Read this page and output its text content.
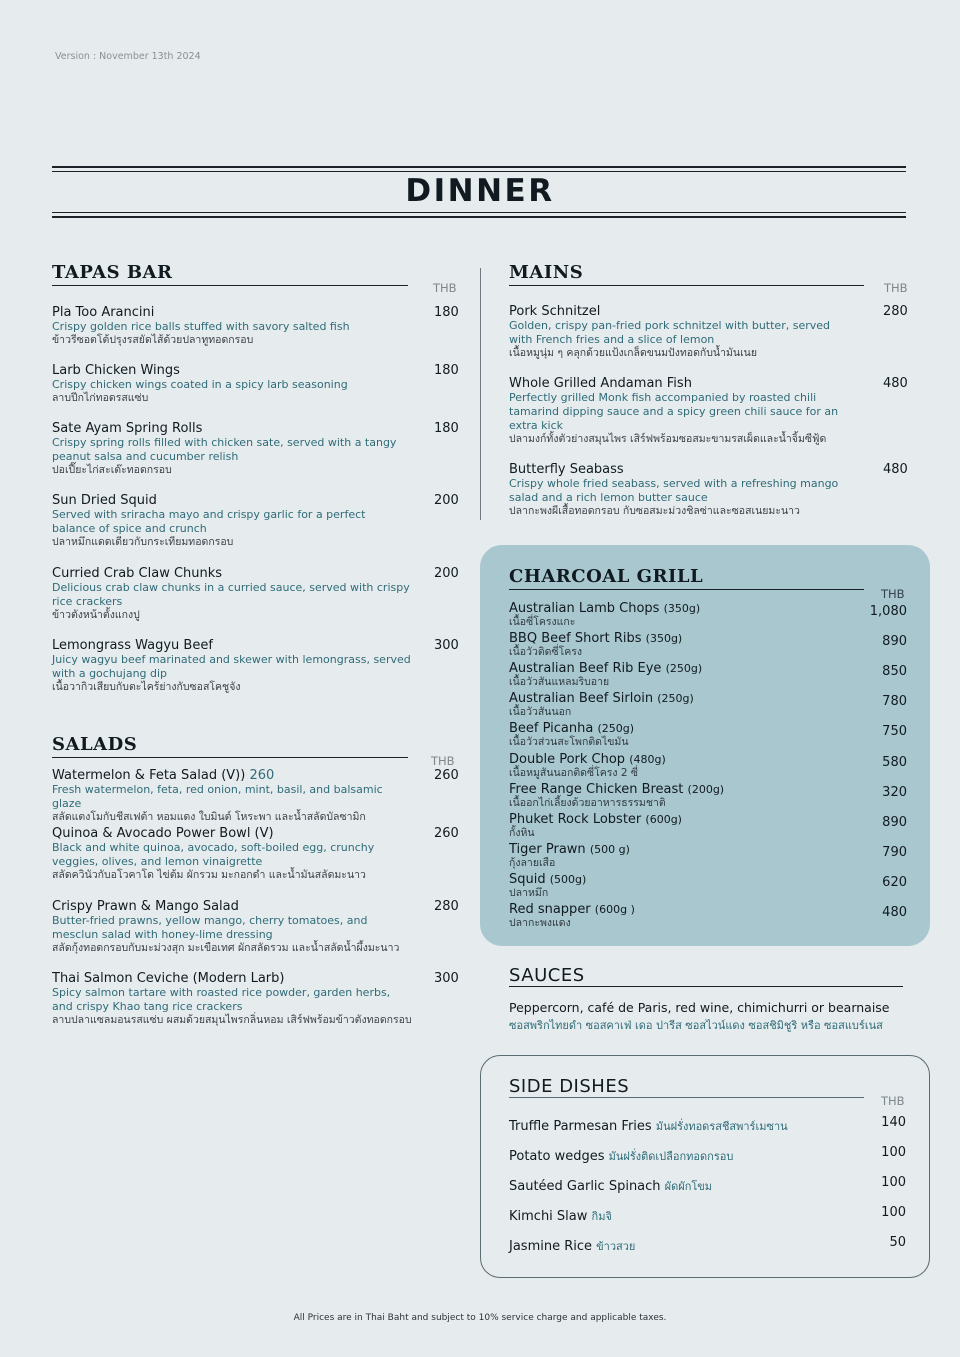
Version : November 13th 2024
DINNER
TAPAS BAR
THB
Pla Too Arancini
Crispy golden rice balls stuffed with savory salted fish
ข้าวรีซอตโต้ปรุงรสยัดไส้ด้วยปลาทูทอดกรอบ
180
Larb Chicken Wings
Crispy chicken wings coated in a spicy larb seasoning
ลาบปีกไก่ทอดรสแซ่บ
180
Sate Ayam Spring Rolls
Crispy spring rolls filled with chicken sate, served with a tangy peanut salsa and cucumber relish
ปอเปี๊ยะไก่สะเต๊ะทอดกรอบ
180
Sun Dried Squid
Served with sriracha mayo and crispy garlic for a perfect balance of spice and crunch
ปลาหมึกแดดเดียวกับกระเทียมทอดกรอบ
200
Curried Crab Claw Chunks
Delicious crab claw chunks in a curried sauce, served with crispy rice crackers
ข้าวตังหน้าตั้งแกงปู
200
Lemongrass Wagyu Beef
Juicy wagyu beef marinated and skewer with lemongrass, served with a gochujang dip
เนื้อวากิวเสียบกับตะไคร้ย่างกับซอสโคชูจัง
300
SALADS
THB
Watermelon & Feta Salad (V)) 260
Fresh watermelon, feta, red onion, mint, basil, and balsamic glaze
สลัดแตงโมกับชีสเฟต้า หอมแดง ใบมินต์ โหระพา และน้ำสลัดบัลซามิก
260
Quinoa & Avocado Power Bowl (V)
Black and white quinoa, avocado, soft-boiled egg, crunchy veggies, olives, and lemon vinaigrette
สลัดควินัวกับอโวคาโด ไข่ต้ม ผักรวม มะกอกดำ และน้ำมันสลัดมะนาว
260
Crispy Prawn & Mango Salad
Butter-fried prawns, yellow mango, cherry tomatoes, and mesclun salad with honey-lime dressing
สลัดกุ้งทอดกรอบกับมะม่วงสุก มะเขือเทศ ผักสลัดรวม และน้ำสลัดน้ำผึ้งมะนาว
280
Thai Salmon Ceviche (Modern Larb)
Spicy salmon tartare with roasted rice powder, garden herbs, and crispy Khao tang rice crackers
ลาบปลาแซลมอนรสแซ่บ ผสมด้วยสมุนไพรกลิ่นหอม เสิร์ฟพร้อมข้าวตังทอดกรอบ
300
MAINS
THB
Pork Schnitzel
Golden, crispy pan-fried pork schnitzel with butter, served with French fries and a slice of lemon
เนื้อหมูนุ่ม ๆ คลุกด้วยแป้งเกล็ดขนมปังทอดกับน้ำมันเนย
280
Whole Grilled Andaman Fish
Perfectly grilled Monk fish accompanied by roasted chili tamarind dipping sauce and a spicy green chili sauce for an extra kick
ปลามงก์ทั้งตัวย่างสมุนไพร เสิร์ฟพร้อมซอสมะขามรสเผ็ดและน้ำจิ้มซีฟู้ด
480
Butterfly Seabass
Crispy whole fried seabass, served with a refreshing mango salad and a rich lemon butter sauce
ปลากะพงผีเสื้อทอดกรอบ กับซอสมะม่วงชิลซ่าและซอสเนยมะนาว
480
CHARCOAL GRILL
THB
Australian Lamb Chops (350g)
เนื้อซี่โครงแกะ
1,080
BBQ Beef Short Ribs (350g)
เนื้อวัวติดซี่โครง
890
Australian Beef Rib Eye (250g)
เนื้อวัวสันแหลมริบอาย
850
Australian Beef Sirloin (250g)
เนื้อวัวสันนอก
780
Beef Picanha (250g)
เนื้อวัวส่วนสะโพกติดไขมัน
750
Double Pork Chop (480g)
เนื้อหมูสันนอกติดซี่โครง 2 ซี่
580
Free Range Chicken Breast (200g)
เนื้ออกไก่เลี้ยงด้วยอาหารธรรมชาติ
320
Phuket Rock Lobster (600g)
กั้งหิน
890
Tiger Prawn (500 g)
กุ้งลายเสือ
790
Squid (500g)
ปลาหมึก
620
Red snapper (600g )
ปลากะพงแดง
480
SAUCES
Peppercorn, café de Paris, red wine, chimichurri or bearnaise
ซอสพริกไทยดำ ซอสคาเฟ่ เดอ ปารีส ซอสไวน์แดง ซอสชิมิชูริ หรือ ซอสแบร์เนส
SIDE DISHES
THB
Truffle Parmesan Fries มันฝรั่งทอดรสชีสพาร์เมซาน	140
Potato wedges มันฝรั่งติดเปลือกทอดกรอบ	100
Sautéed Garlic Spinach ผัดผักโขม	100
Kimchi Slaw กิมจิ	100
Jasmine Rice ข้าวสวย	50
All Prices are in Thai Baht and subject to 10% service charge and applicable taxes.
